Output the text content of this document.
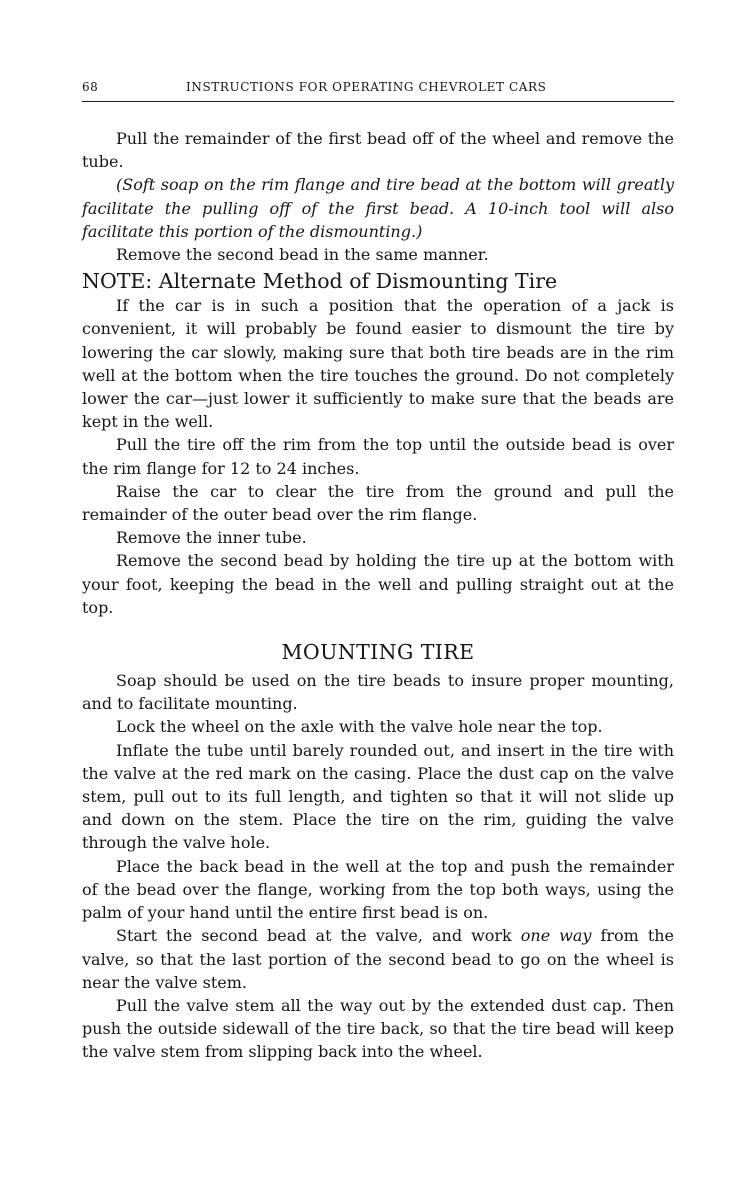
68	INSTRUCTIONS FOR OPERATING CHEVROLET CARS

Pull the remainder of the first bead off of the wheel and remove the tube.

(Soft soap on the rim flange and tire bead at the bottom will greatly facilitate the pulling off of the first bead. A 10-inch tool will also facilitate this portion of the dismounting.)

Remove the second bead in the same manner.

NOTE: Alternate Method of Dismounting Tire

If the car is in such a position that the operation of a jack is convenient, it will probably be found easier to dismount the tire by lowering the car slowly, making sure that both tire beads are in the rim well at the bottom when the tire touches the ground. Do not completely lower the car—just lower it sufficiently to make sure that the beads are kept in the well.

Pull the tire off the rim from the top until the outside bead is over the rim flange for 12 to 24 inches.

Raise the car to clear the tire from the ground and pull the remainder of the outer bead over the rim flange.

Remove the inner tube.

Remove the second bead by holding the tire up at the bottom with your foot, keeping the bead in the well and pulling straight out at the top.

MOUNTING TIRE

Soap should be used on the tire beads to insure proper mounting, and to facilitate mounting.

Lock the wheel on the axle with the valve hole near the top.

Inflate the tube until barely rounded out, and insert in the tire with the valve at the red mark on the casing. Place the dust cap on the valve stem, pull out to its full length, and tighten so that it will not slide up and down on the stem. Place the tire on the rim, guiding the valve through the valve hole.

Place the back bead in the well at the top and push the remainder of the bead over the flange, working from the top both ways, using the palm of your hand until the entire first bead is on.

Start the second bead at the valve, and work one way from the valve, so that the last portion of the second bead to go on the wheel is near the valve stem.

Pull the valve stem all the way out by the extended dust cap. Then push the outside sidewall of the tire back, so that the tire bead will keep the valve stem from slipping back into the wheel.
